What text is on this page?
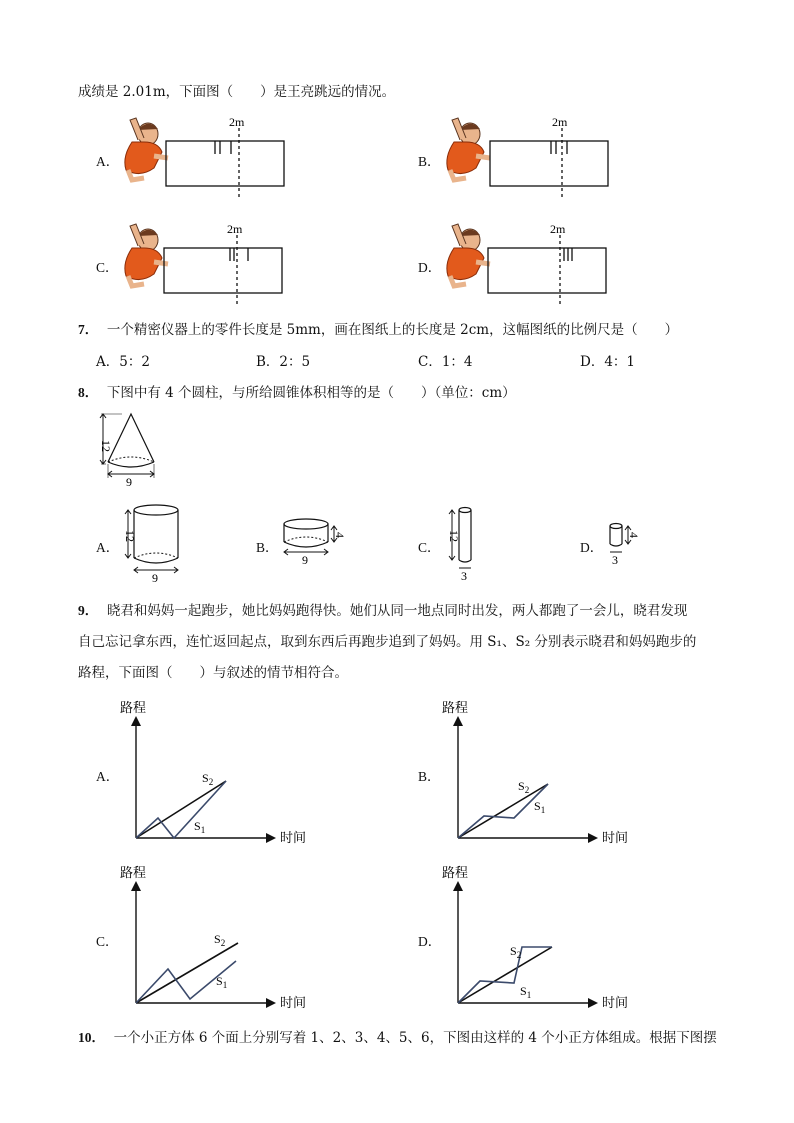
成绩是 2.01m，下面图（　　）是王亮跳远的情况。
A．
2m
B．
2m
C．
2m
D．
2m
7． 一个精密仪器上的零件长度是 5mm，画在图纸上的长度是 2cm，这幅图纸的比例尺是（　　）
A．5：2	B．2：5	C．1：4	D．4：1
8． 下图中有 4 个圆柱，与所给圆锥体积相等的是（　　）（单位：cm）
12
9
A．
12
9
B．
4
9
C．
12
3
D．
4
3
9． 晓君和妈妈一起跑步，她比妈妈跑得快。她们从同一地点同时出发，两人都跑了一会儿，晓君发现
自己忘记拿东西，连忙返回起点，取到东西后再跑步追到了妈妈。用 S₁、S₂ 分别表示晓君和妈妈跑步的
路程，下面图（　　）与叙述的情节相符合。
A．
路程
时间
$S_2$
$S_1$
B．
路程
时间
$S_2$
$S_1$
C．
路程
时间
$S_2$
$S_1$
D．
路程
时间
$S_2$
$S_1$
10． 一个小正方体 6 个面上分别写着 1、2、3、4、5、6，下图由这样的 4 个小正方体组成。根据下图摆
